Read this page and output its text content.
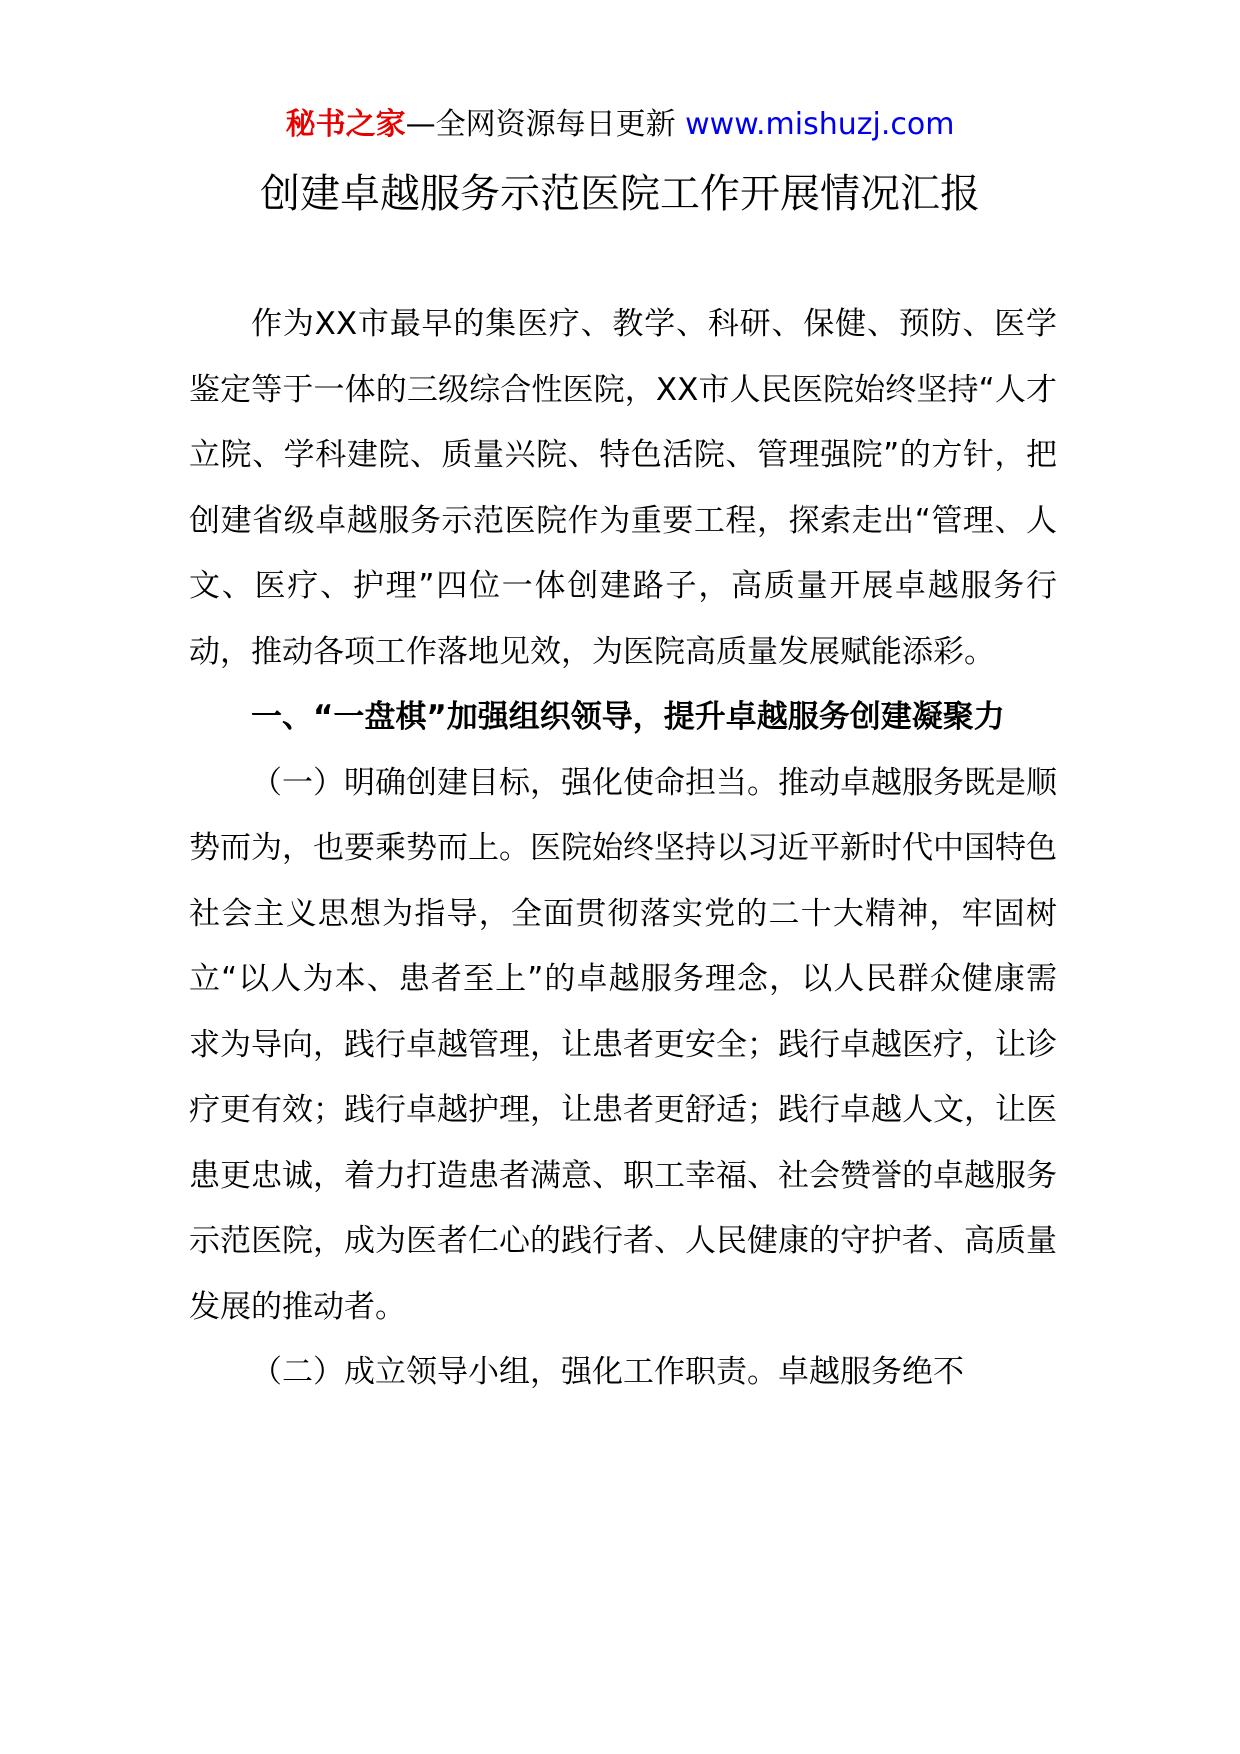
秘书之家—全网资源每日更新 www.mishuzj.com
创建卓越服务示范医院工作开展情况汇报

作为XX市最早的集医疗、教学、科研、保健、预防、医学鉴定等于一体的三级综合性医院，XX市人民医院始终坚持“人才立院、学科建院、质量兴院、特色活院、管理强院”的方针，把创建省级卓越服务示范医院作为重要工程，探索走出“管理、人文、医疗、护理”四位一体创建路子，高质量开展卓越服务行动，推动各项工作落地见效，为医院高质量发展赋能添彩。

一、“一盘棋”加强组织领导，提升卓越服务创建凝聚力

（一）明确创建目标，强化使命担当。推动卓越服务既是顺势而为，也要乘势而上。医院始终坚持以习近平新时代中国特色社会主义思想为指导，全面贯彻落实党的二十大精神，牢固树立“以人为本、患者至上”的卓越服务理念，以人民群众健康需求为导向，践行卓越管理，让患者更安全；践行卓越医疗，让诊疗更有效；践行卓越护理，让患者更舒适；践行卓越人文，让医患更忠诚，着力打造患者满意、职工幸福、社会赞誉的卓越服务示范医院，成为医者仁心的践行者、人民健康的守护者、高质量发展的推动者。

（二）成立领导小组，强化工作职责。卓越服务绝不
